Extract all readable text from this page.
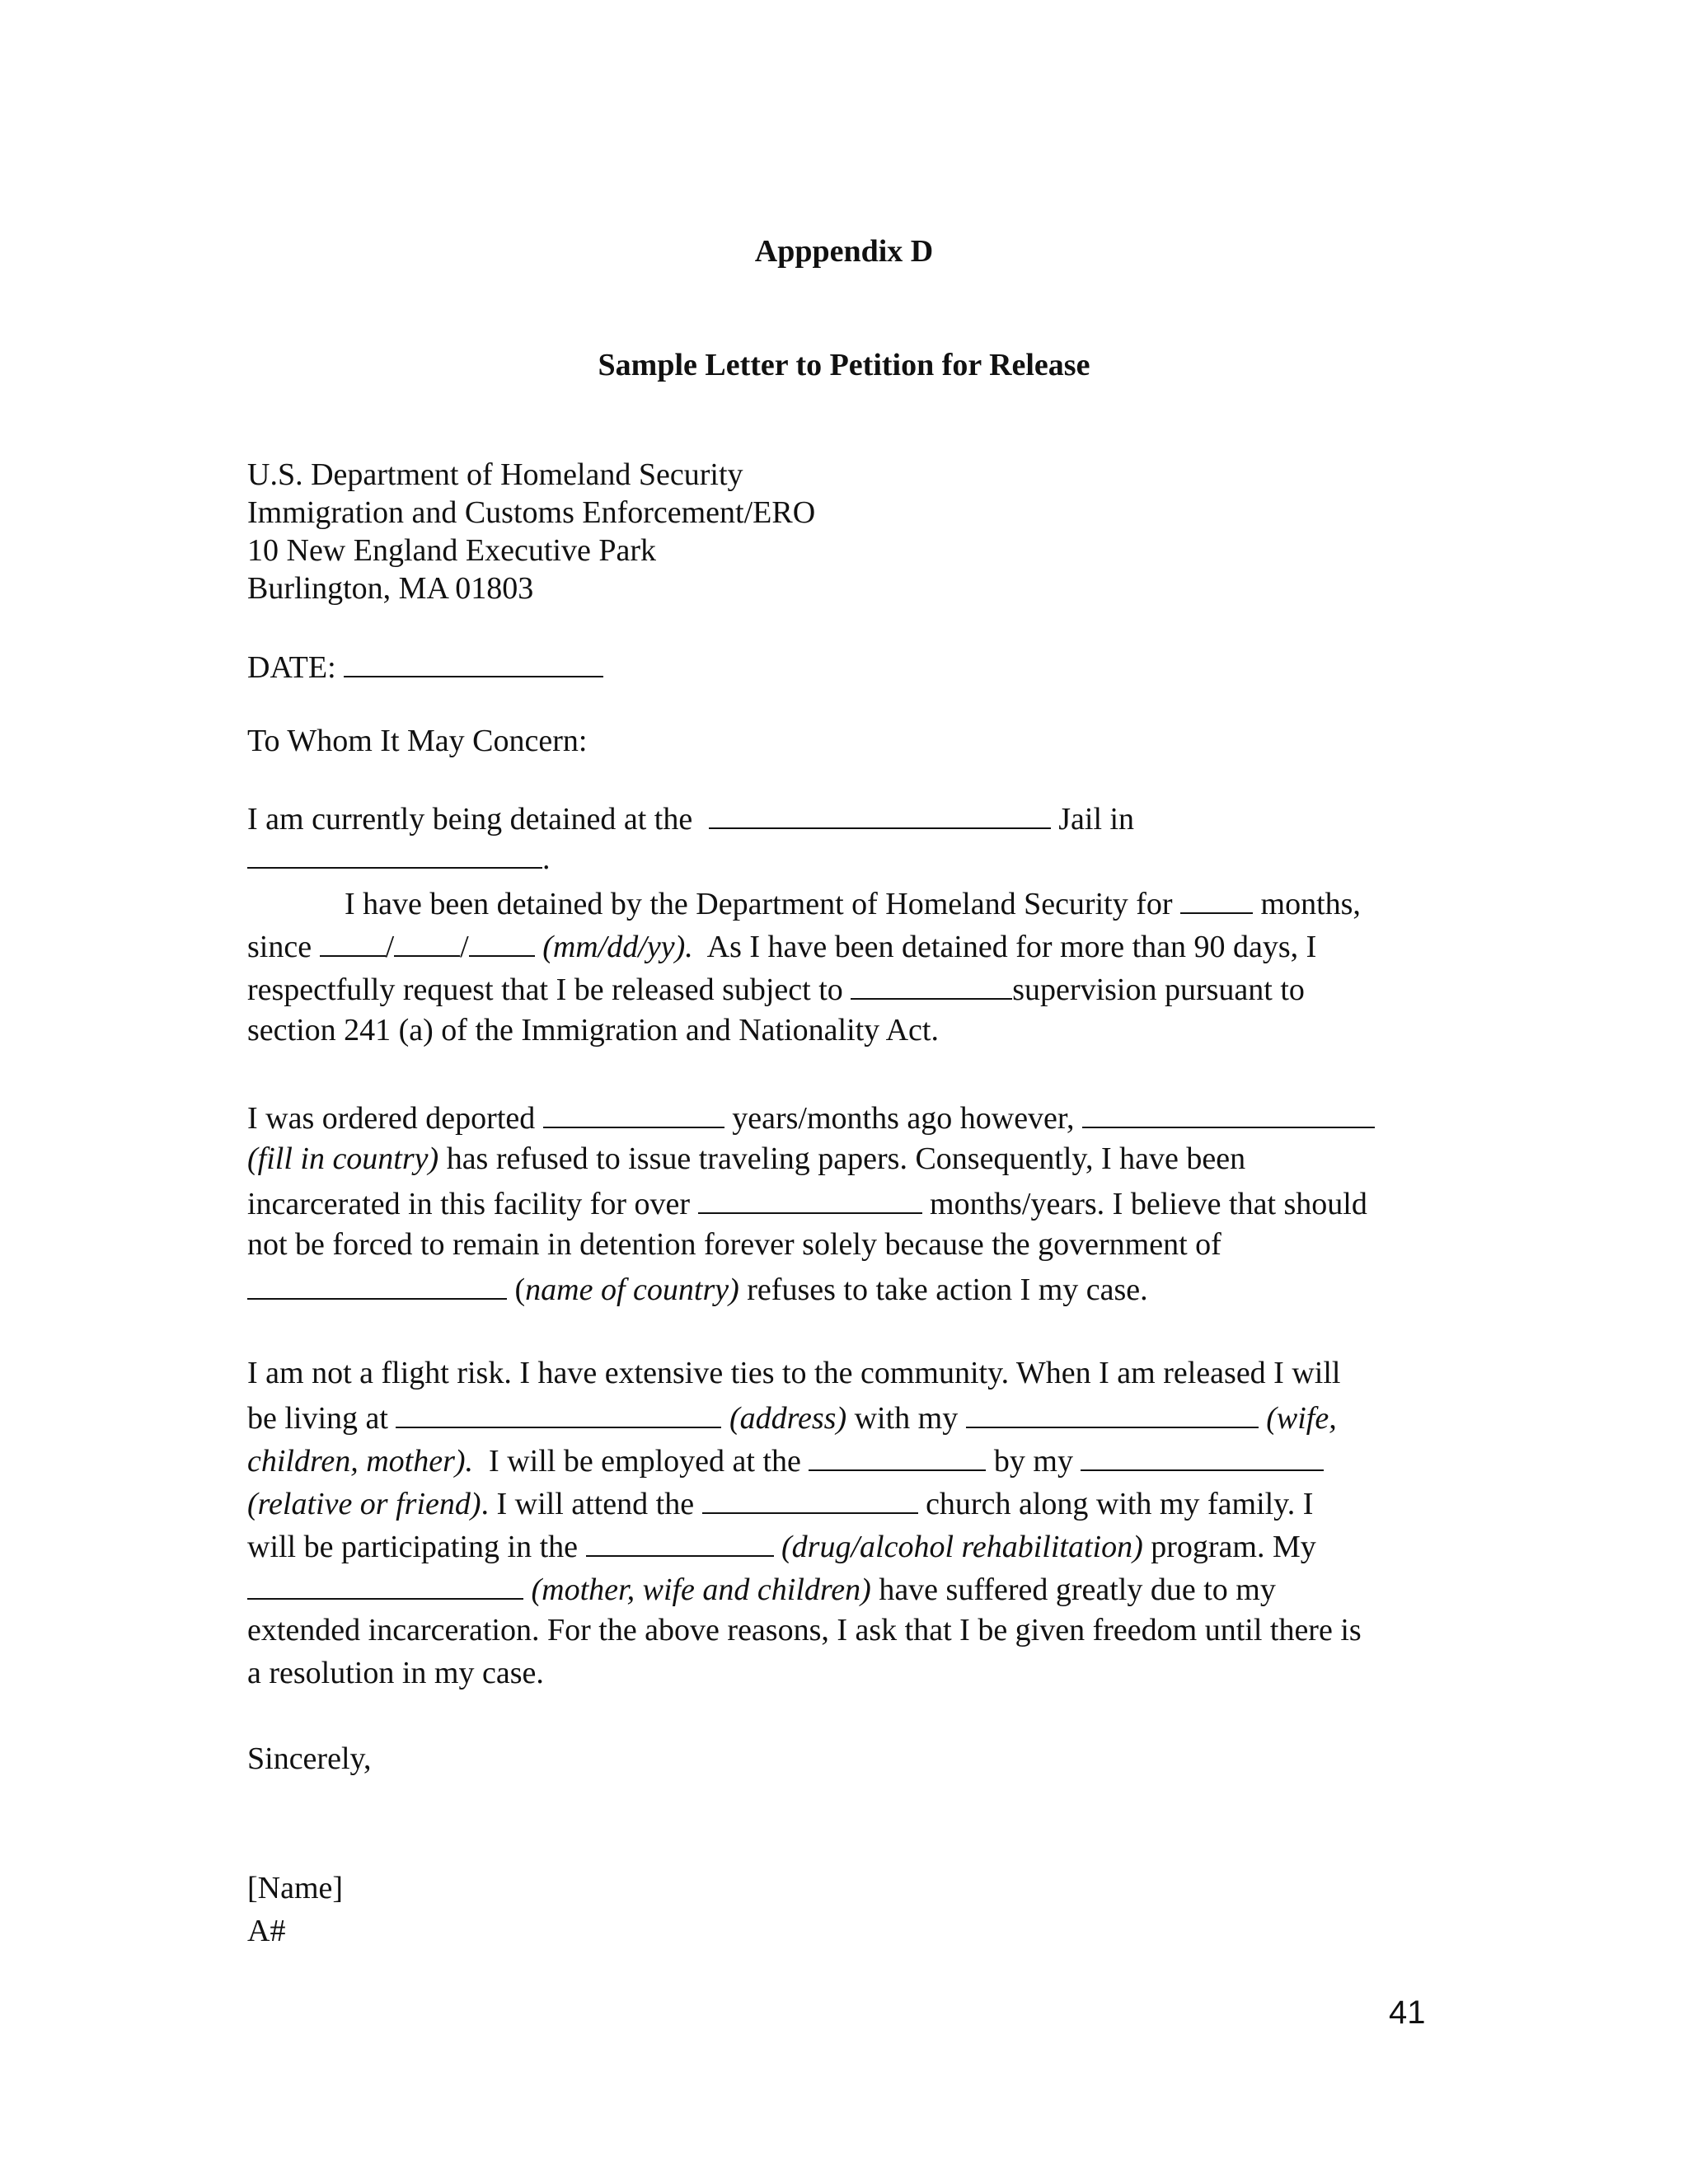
Apppendix D
Sample Letter to Petition for Release
U.S. Department of Homeland Security
Immigration and Customs Enforcement/ERO
10 New England Executive Park
Burlington, MA 01803
DATE:
To Whom It May Concern:
I am currently being detained at the	Jail in
.
I have been detained by the Department of Homeland Security for	months,
since / / (mm/dd/yy). As I have been detained for more than 90 days, I
respectfully request that I be released subject to	supervision pursuant to
section 241 (a) of the Immigration and Nationality Act.
I was ordered deported	years/months ago however,
(fill in country) has refused to issue traveling papers. Consequently, I have been
incarcerated in this facility for over	months/years. I believe that should
not be forced to remain in detention forever solely because the government of
(name of country) refuses to take action I my case.
I am not a flight risk. I have extensive ties to the community. When I am released I will
be living at	(address) with my	(wife,
children, mother). I will be employed at the	by my
(relative or friend). I will attend the	church along with my family. I
will be participating in the	(drug/alcohol rehabilitation) program. My
(mother, wife and children) have suffered greatly due to my
extended incarceration. For the above reasons, I ask that I be given freedom until there is
a resolution in my case.
Sincerely,
[Name]
A#
41
